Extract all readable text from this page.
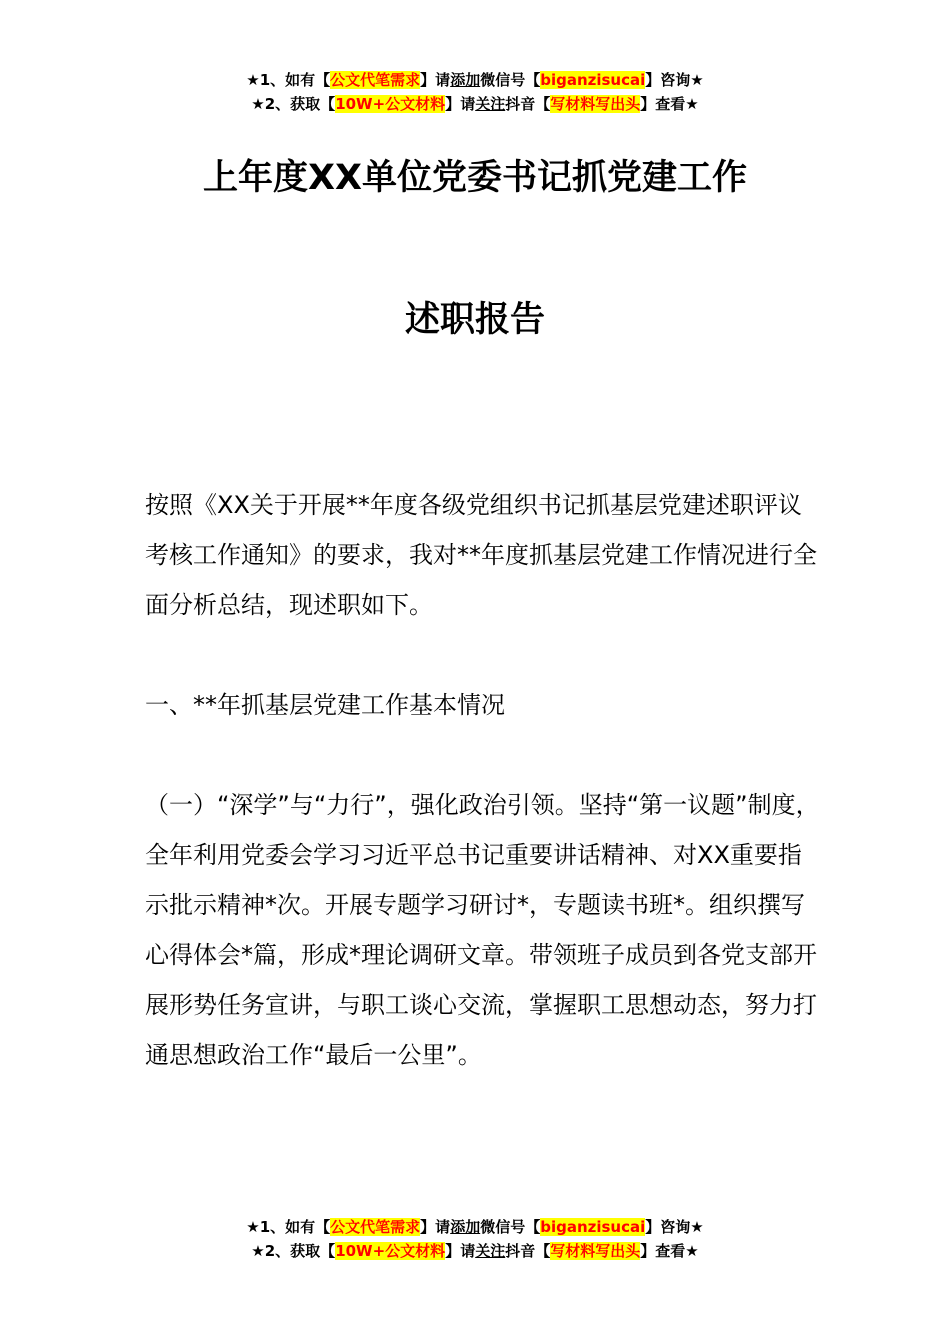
★1、如有【公文代笔需求】请添加微信号【biganzisucai】咨询★
★2、获取【10W+公文材料】请关注抖音【写材料写出头】查看★
上年度XX单位党委书记抓党建工作
述职报告
按照《XX关于开展**年度各级党组织书记抓基层党建述职评议考核工作通知》的要求，我对**年度抓基层党建工作情况进行全面分析总结，现述职如下。
一、**年抓基层党建工作基本情况
（一）“深学”与“力行”，强化政治引领。坚持“第一议题”制度，全年利用党委会学习习近平总书记重要讲话精神、对XX重要指示批示精神*次。开展专题学习研讨*，专题读书班*。组织撰写心得体会*篇，形成*理论调研文章。带领班子成员到各党支部开展形势任务宣讲，与职工谈心交流，掌握职工思想动态，努力打通思想政治工作“最后一公里”。
★1、如有【公文代笔需求】请添加微信号【biganzisucai】咨询★
★2、获取【10W+公文材料】请关注抖音【写材料写出头】查看★
